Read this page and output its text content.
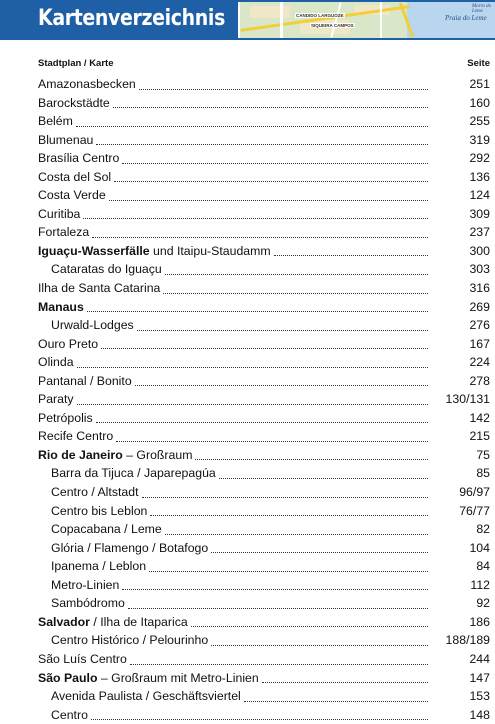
Kartenverzeichnis	CANDIDO LARGUOZE
SIQUEIRA CAMPOS
Praia do Leme
Morro do Leme
Stadtplan / Karte	Seite
Amazonasbecken	251
Barockstädte	160
Belém	255
Blumenau	319
Brasília Centro	292
Costa del Sol	136
Costa Verde	124
Curitiba	309
Fortaleza	237
Iguaçu-Wasserfälle und Itaipu-Staudamm	300
Cataratas do Iguaçu	303
Ilha de Santa Catarina	316
Manaus	269
Urwald-Lodges	276
Ouro Preto	167
Olinda	224
Pantanal / Bonito	278
Paraty	130/131
Petrópolis	142
Recife Centro	215
Rio de Janeiro – Großraum	75
Barra da Tijuca / Japarepagúa	85
Centro / Altstadt	96/97
Centro bis Leblon	76/77
Copacabana / Leme	82
Glória / Flamengo / Botafogo	104
Ipanema / Leblon	84
Metro-Linien	112
Sambódromo	92
Salvador / Ilha de Itaparica	186
Centro Histórico / Pelourinho	188/189
São Luís Centro	244
São Paulo – Großraum mit Metro-Linien	147
Avenida Paulista / Geschäftsviertel	153
Centro	148
